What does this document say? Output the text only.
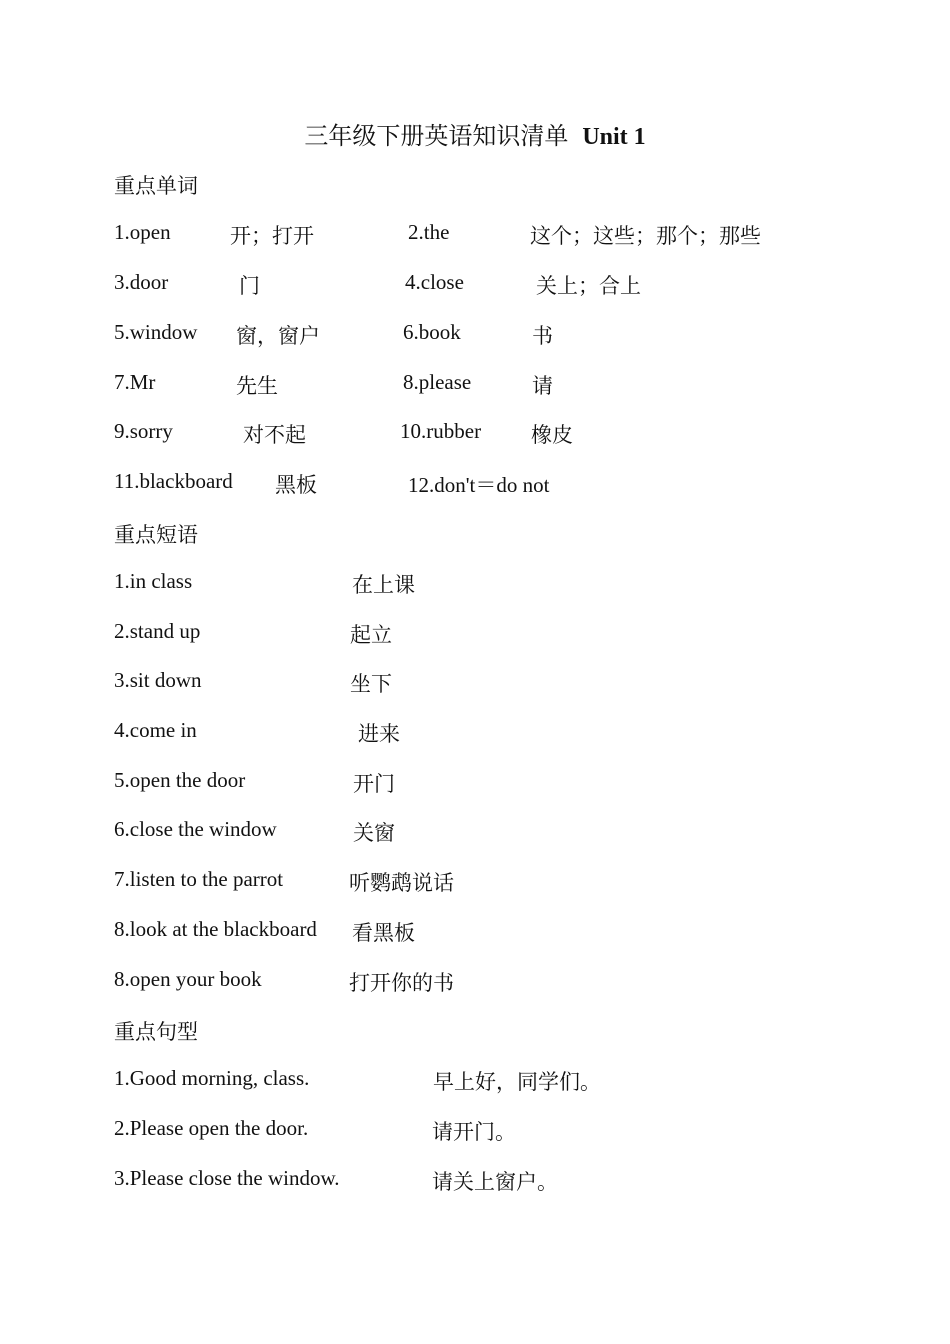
三年级下册英语知识清单 Unit 1
重点单词
1.open	开；打开	2.the	这个；这些；那个；那些
3.door	门	4.close	关上；合上
5.window 窗，窗户	6.book	书
7.Mr	先生	8.please	请
9.sorry	对不起	10.rubber 橡皮
11.blackboard 黑板	12.don't＝do not
重点短语
1.in class	在上课
2.stand up	起立
3.sit down	坐下
4.come in	进来
5.open the door	开门
6.close the window	关窗
7.listen to the parrot	听鹦鹉说话
8.look at the blackboard 看黑板
8.open your book	打开你的书
重点句型
1.Good morning, class.	早上好，同学们。
2.Please open the door.	请开门。
3.Please close the window.	请关上窗户。
